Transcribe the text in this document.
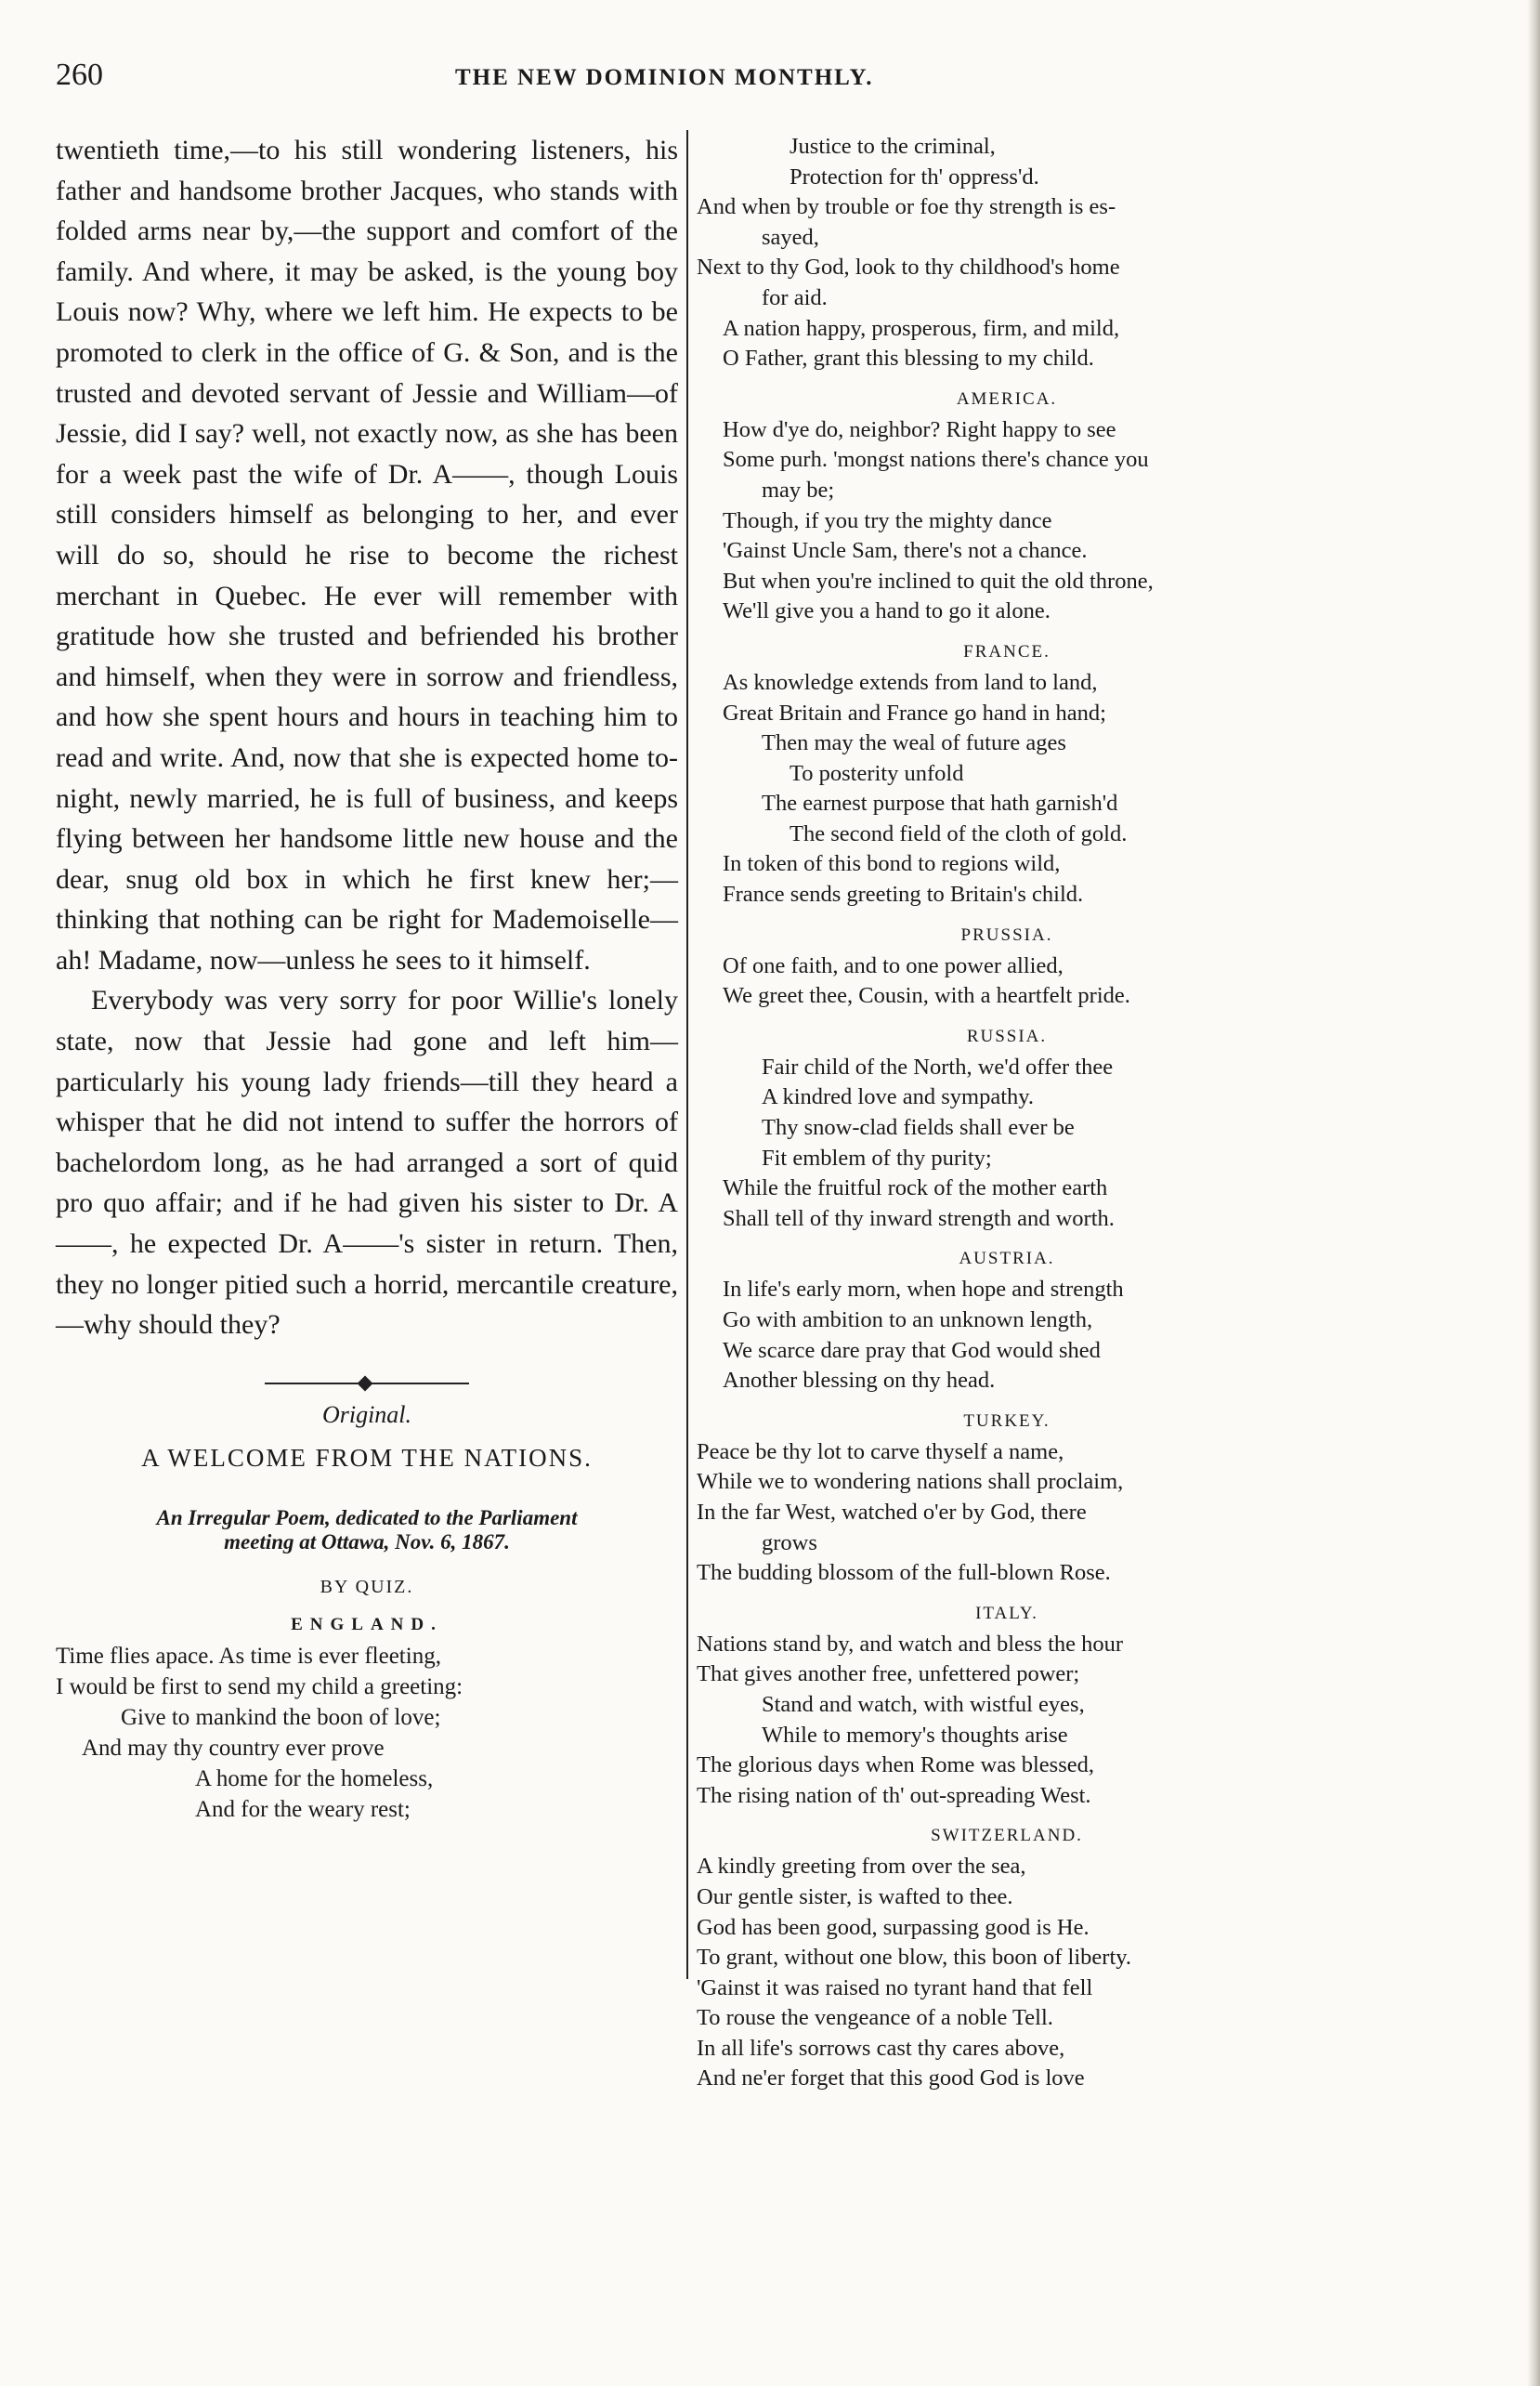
260	THE NEW DOMINION MONTHLY.

twentieth time,—to his still wondering listeners, his father and handsome brother Jacques, who stands with folded arms near by,—the support and comfort of the family. And where, it may be asked, is the young boy Louis now? Why, where we left him. He expects to be promoted to clerk in the office of G. & Son, and is the trusted and devoted servant of Jessie and William—of Jessie, did I say? well, not exactly now, as she has been for a week past the wife of Dr. A——, though Louis still considers himself as belonging to her, and ever will do so, should he rise to become the richest merchant in Quebec. He ever will remember with gratitude how she trusted and befriended his brother and himself, when they were in sorrow and friendless, and how she spent hours and hours in teaching him to read and write. And, now that she is expected home to-night, newly married, he is full of business, and keeps flying between her handsome little new house and the dear, snug old box in which he first knew her;—thinking that nothing can be right for Mademoiselle—ah! Madame, now—unless he sees to it himself.

Everybody was very sorry for poor Willie's lonely state, now that Jessie had gone and left him—particularly his young lady friends—till they heard a whisper that he did not intend to suffer the horrors of bachelordom long, as he had arranged a sort of quid pro quo affair; and if he had given his sister to Dr. A——, he expected Dr. A——'s sister in return. Then, they no longer pitied such a horrid, mercantile creature,—why should they?

Original.
A WELCOME FROM THE NATIONS.
An Irregular Poem, dedicated to the Parliament
meeting at Ottawa, Nov. 6, 1867.
BY QUIZ.
ENGLAND.
Time flies apace. As time is ever fleeting,
I would be first to send my child a greeting:
Give to mankind the boon of love;
And may thy country ever prove
A home for the homeless,
And for the weary rest;
Justice to the criminal,
Protection for th' oppress'd.
And when by trouble or foe thy strength is es-
sayed,
Next to thy God, look to thy childhood's home
for aid.
A nation happy, prosperous, firm, and mild,
O Father, grant this blessing to my child.
AMERICA.
How d'ye do, neighbor? Right happy to see
Some purh. 'mongst nations there's chance you
may be;
Though, if you try the mighty dance
'Gainst Uncle Sam, there's not a chance.
But when you're inclined to quit the old throne,
We'll give you a hand to go it alone.
FRANCE.
As knowledge extends from land to land,
Great Britain and France go hand in hand;
Then may the weal of future ages
To posterity unfold
The earnest purpose that hath garnish'd
The second field of the cloth of gold.
In token of this bond to regions wild,
France sends greeting to Britain's child.
PRUSSIA.
Of one faith, and to one power allied,
We greet thee, Cousin, with a heartfelt pride.
RUSSIA.
Fair child of the North, we'd offer thee
A kindred love and sympathy.
Thy snow-clad fields shall ever be
Fit emblem of thy purity;
While the fruitful rock of the mother earth
Shall tell of thy inward strength and worth.
AUSTRIA.
In life's early morn, when hope and strength
Go with ambition to an unknown length,
We scarce dare pray that God would shed
Another blessing on thy head.
TURKEY.
Peace be thy lot to carve thyself a name,
While we to wondering nations shall proclaim,
In the far West, watched o'er by God, there
grows
The budding blossom of the full-blown Rose.
ITALY.
Nations stand by, and watch and bless the hour
That gives another free, unfettered power;
Stand and watch, with wistful eyes,
While to memory's thoughts arise
The glorious days when Rome was blessed,
The rising nation of th' out-spreading West.
SWITZERLAND.
A kindly greeting from over the sea,
Our gentle sister, is wafted to thee.
God has been good, surpassing good is He.
To grant, without one blow, this boon of liberty.
'Gainst it was raised no tyrant hand that fell
To rouse the vengeance of a noble Tell.
In all life's sorrows cast thy cares above,
And ne'er forget that this good God is love
